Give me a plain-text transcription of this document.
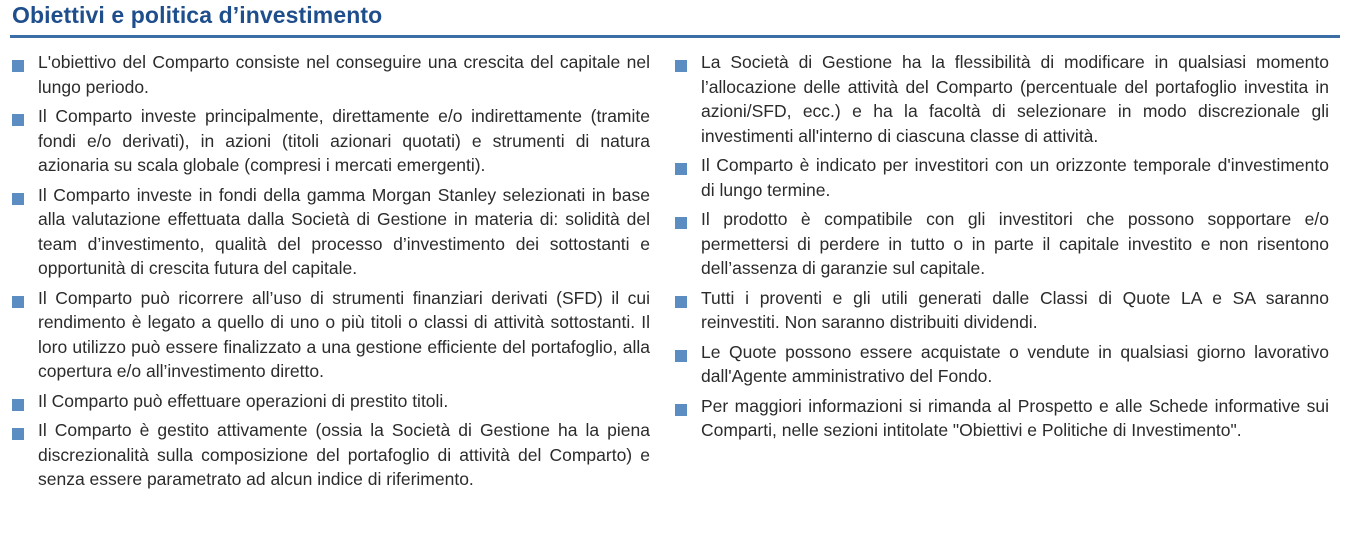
Obiettivi e politica d’investimento
L'obiettivo del Comparto consiste nel conseguire una crescita del capitale nel lungo periodo.
Il Comparto investe principalmente, direttamente e/o indirettamente (tramite fondi e/o derivati), in azioni (titoli azionari quotati) e strumenti di natura azionaria su scala globale (compresi i mercati emergenti).
Il Comparto investe in fondi della gamma Morgan Stanley selezionati in base alla valutazione effettuata dalla Società di Gestione in materia di: solidità del team d’investimento, qualità del processo d’investimento dei sottostanti e opportunità di crescita futura del capitale.
Il Comparto può ricorrere all’uso di strumenti finanziari derivati (SFD) il cui rendimento è legato a quello di uno o più titoli o classi di attività sottostanti. Il loro utilizzo può essere finalizzato a una gestione efficiente del portafoglio, alla copertura e/o all’investimento diretto.
Il Comparto può effettuare operazioni di prestito titoli.
Il Comparto è gestito attivamente (ossia la Società di Gestione ha la piena discrezionalità sulla composizione del portafoglio di attività del Comparto) e senza essere parametrato ad alcun indice di riferimento.
La Società di Gestione ha la flessibilità di modificare in qualsiasi momento l’allocazione delle attività del Comparto (percentuale del portafoglio investita in azioni/SFD, ecc.) e ha la facoltà di selezionare in modo discrezionale gli investimenti all'interno di ciascuna classe di attività.
Il Comparto è indicato per investitori con un orizzonte temporale d'investimento di lungo termine.
Il prodotto è compatibile con gli investitori che possono sopportare e/o permettersi di perdere in tutto o in parte il capitale investito e non risentono dell’assenza di garanzie sul capitale.
Tutti i proventi e gli utili generati dalle Classi di Quote LA e SA saranno reinvestiti. Non saranno distribuiti dividendi.
Le Quote possono essere acquistate o vendute in qualsiasi giorno lavorativo dall'Agente amministrativo del Fondo.
Per maggiori informazioni si rimanda al Prospetto e alle Schede informative sui Comparti, nelle sezioni intitolate "Obiettivi e Politiche di Investimento".
